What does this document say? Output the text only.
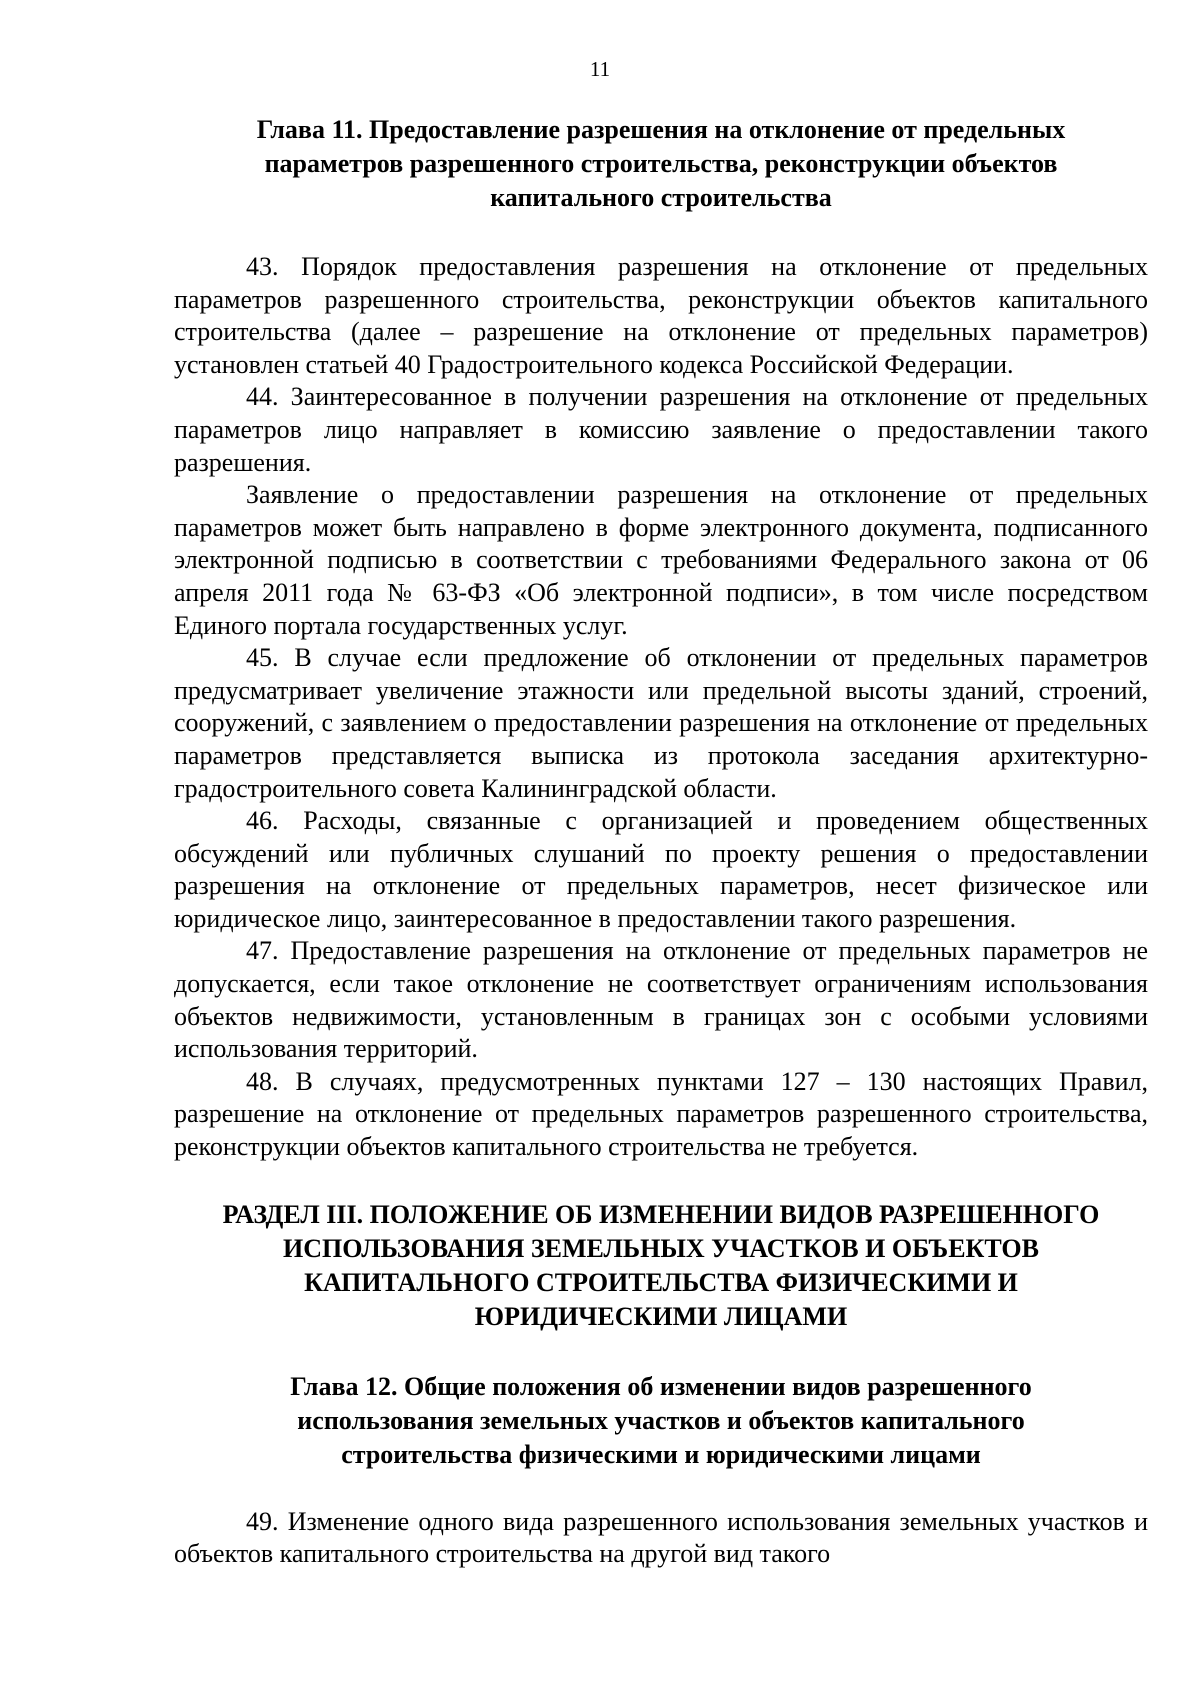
11
Глава 11. Предоставление разрешения на отклонение от предельных
параметров разрешенного строительства, реконструкции объектов
капитального строительства

43. Порядок предоставления разрешения на отклонение от предельных параметров разрешенного строительства, реконструкции объектов капитального строительства (далее – разрешение на отклонение от предельных параметров) установлен статьей 40 Градостроительного кодекса Российской Федерации.

44. Заинтересованное в получении разрешения на отклонение от предельных параметров лицо направляет в комиссию заявление о предоставлении такого разрешения.

Заявление о предоставлении разрешения на отклонение от предельных параметров может быть направлено в форме электронного документа, подписанного электронной подписью в соответствии с требованиями Федерального закона от 06 апреля 2011 года № 63-ФЗ «Об электронной подписи», в том числе посредством Единого портала государственных услуг.

45. В случае если предложение об отклонении от предельных параметров предусматривает увеличение этажности или предельной высоты зданий, строений, сооружений, с заявлением о предоставлении разрешения на отклонение от предельных параметров представляется выписка из протокола заседания архитектурно-градостроительного совета Калининградской области.

46. Расходы, связанные с организацией и проведением общественных обсуждений или публичных слушаний по проекту решения о предоставлении разрешения на отклонение от предельных параметров, несет физическое или юридическое лицо, заинтересованное в предоставлении такого разрешения.

47. Предоставление разрешения на отклонение от предельных параметров не допускается, если такое отклонение не соответствует ограничениям использования объектов недвижимости, установленным в границах зон с особыми условиями использования территорий.

48. В случаях, предусмотренных пунктами 127 – 130 настоящих Правил, разрешение на отклонение от предельных параметров разрешенного строительства, реконструкции объектов капитального строительства не требуется.

РАЗДЕЛ III. ПОЛОЖЕНИЕ ОБ ИЗМЕНЕНИИ ВИДОВ РАЗРЕШЕННОГО
ИСПОЛЬЗОВАНИЯ ЗЕМЕЛЬНЫХ УЧАСТКОВ И ОБЪЕКТОВ
КАПИТАЛЬНОГО СТРОИТЕЛЬСТВА ФИЗИЧЕСКИМИ И
ЮРИДИЧЕСКИМИ ЛИЦАМИ
Глава 12. Общие положения об изменении видов разрешенного
использования земельных участков и объектов капитального
строительства физическими и юридическими лицами

49. Изменение одного вида разрешенного использования земельных участков и объектов капитального строительства на другой вид такого
